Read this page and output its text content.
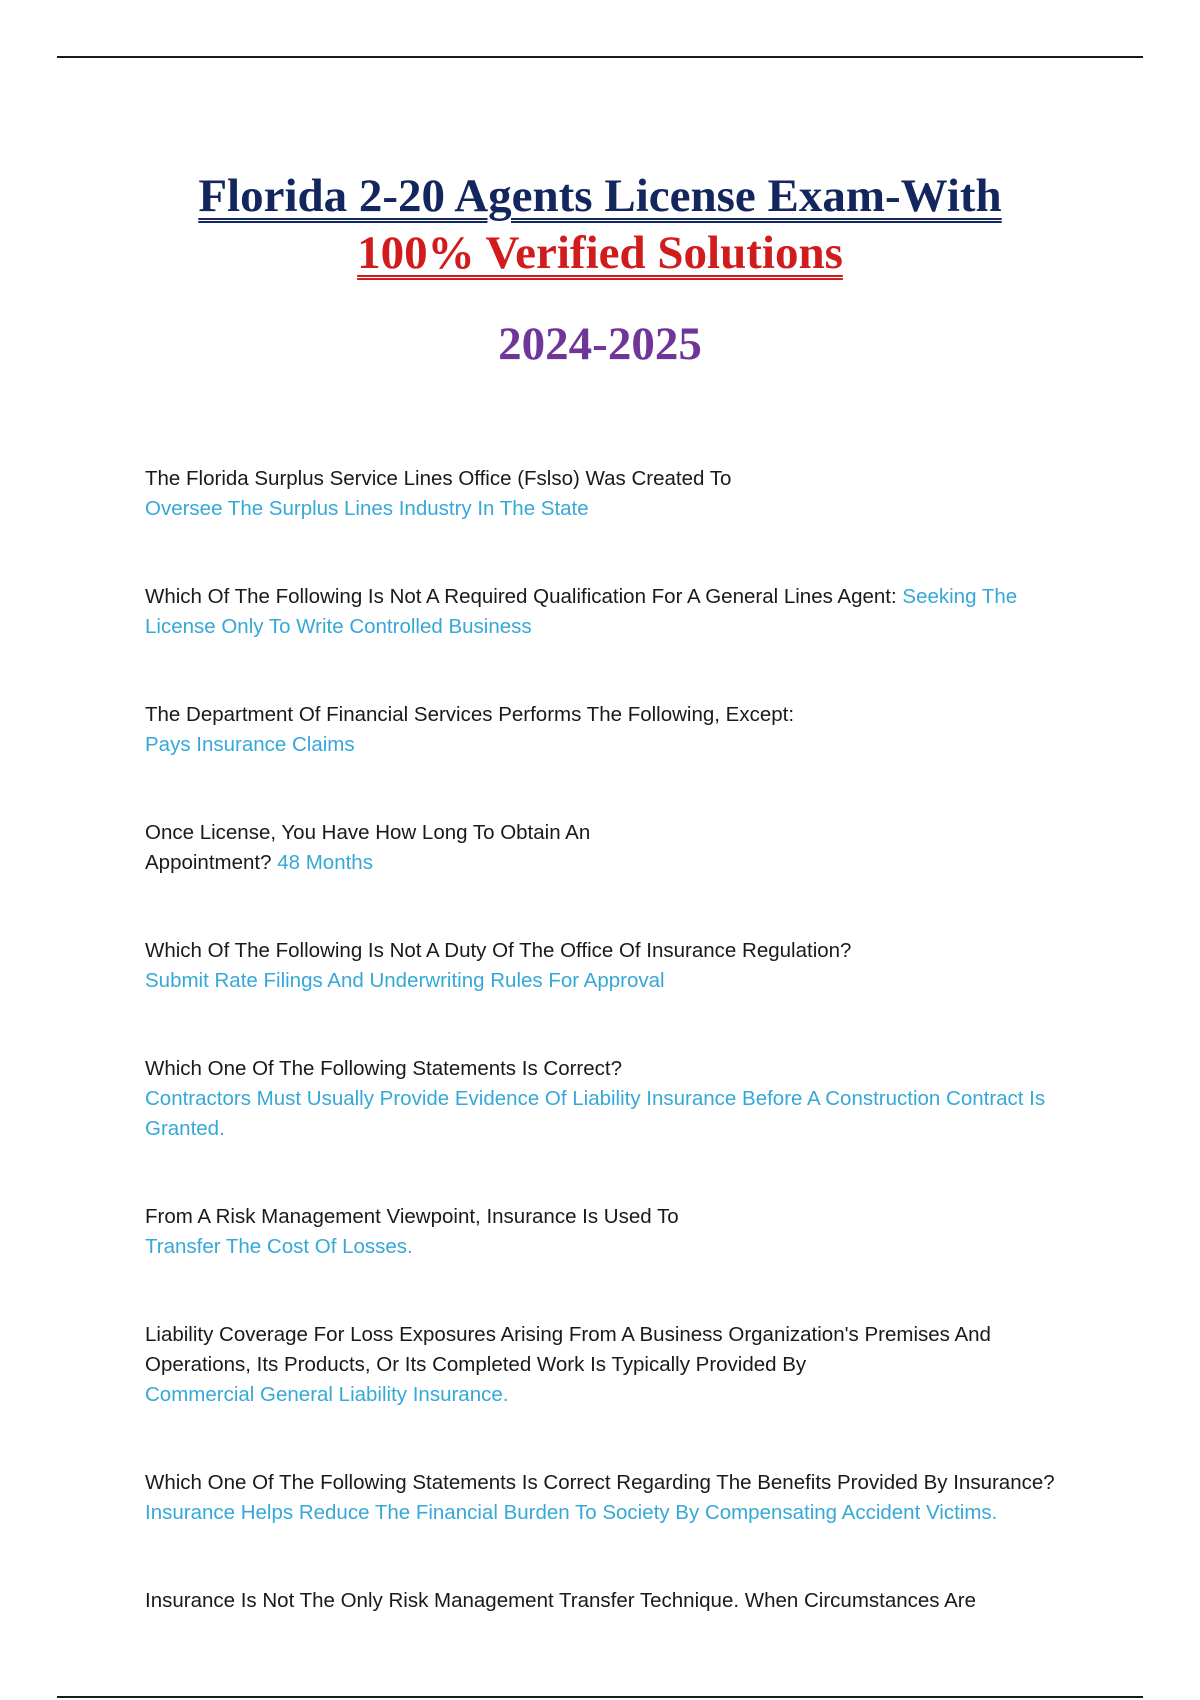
Florida 2-20 Agents License Exam-With
100% Verified Solutions
2024-2025

The Florida Surplus Service Lines Office (Fslso) Was Created To
Oversee The Surplus Lines Industry In The State

Which Of The Following Is Not A Required Qualification For A General Lines Agent: Seeking The License Only To Write Controlled Business

The Department Of Financial Services Performs The Following, Except:
Pays Insurance Claims

Once License, You Have How Long To Obtain An Appointment? 48 Months

Which Of The Following Is Not A Duty Of The Office Of Insurance Regulation?
Submit Rate Filings And Underwriting Rules For Approval

Which One Of The Following Statements Is Correct?
Contractors Must Usually Provide Evidence Of Liability Insurance Before A Construction Contract Is Granted.

From A Risk Management Viewpoint, Insurance Is Used To
Transfer The Cost Of Losses.

Liability Coverage For Loss Exposures Arising From A Business Organization's Premises And Operations, Its Products, Or Its Completed Work Is Typically Provided By
Commercial General Liability Insurance.

Which One Of The Following Statements Is Correct Regarding The Benefits Provided By Insurance?
Insurance Helps Reduce The Financial Burden To Society By Compensating Accident Victims.

Insurance Is Not The Only Risk Management Transfer Technique. When Circumstances Are
